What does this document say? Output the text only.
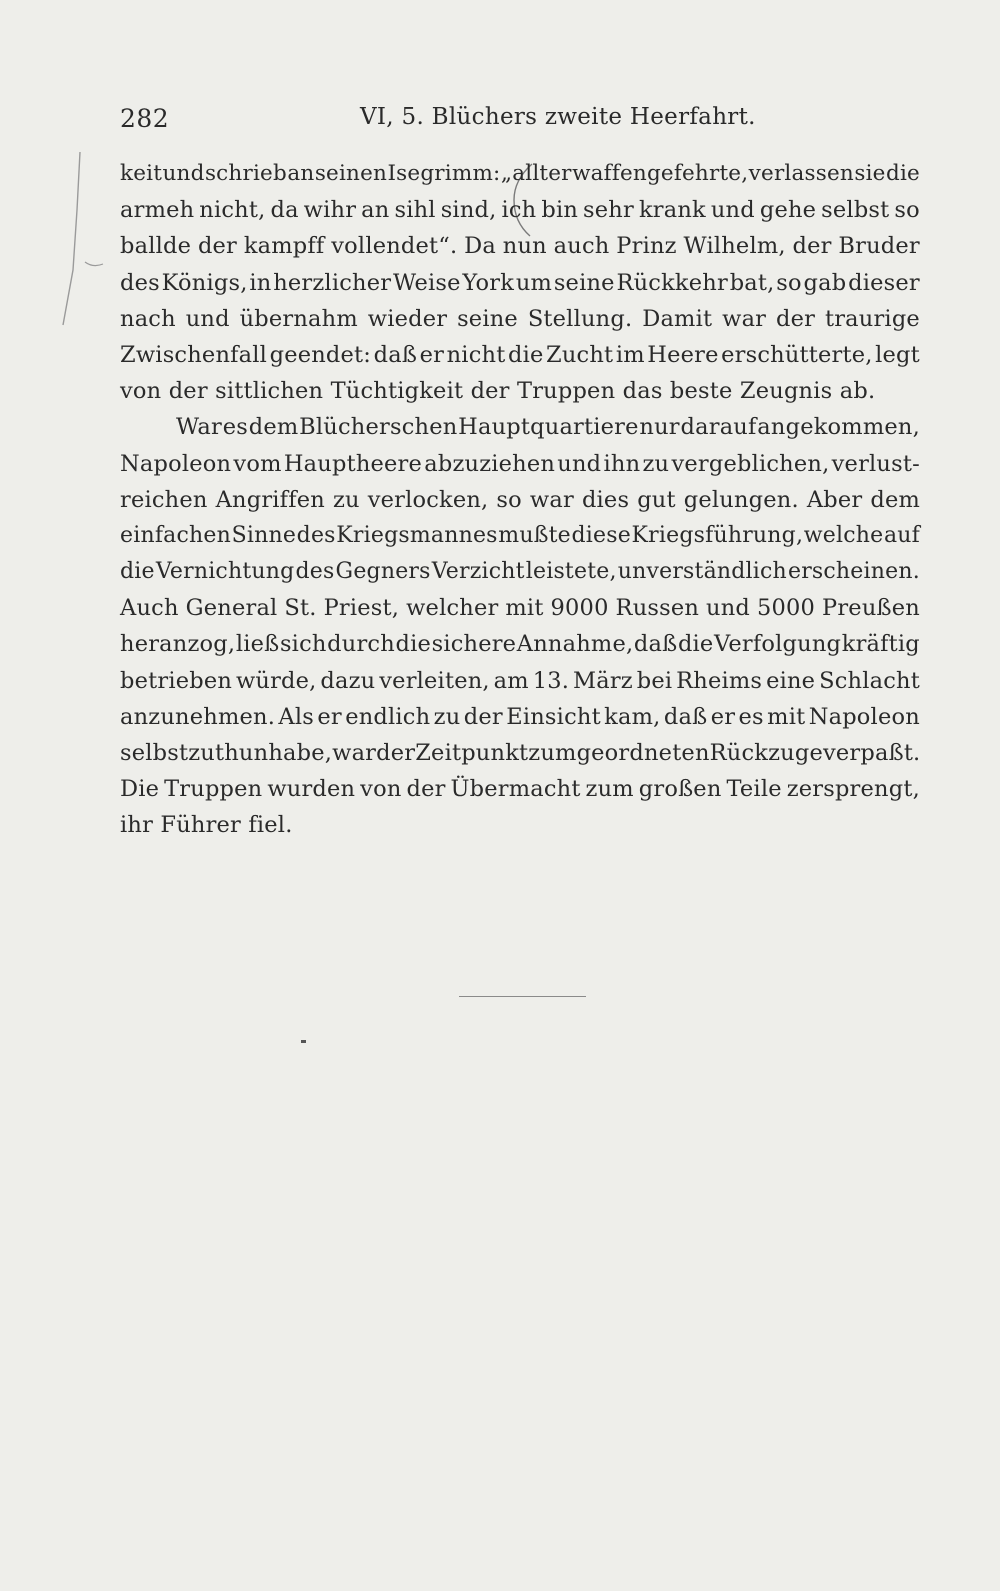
282	VI, 5. Blüchers zweite Heerfahrt.
keit und schrieb an seinen Isegrimm: „allter waffengefehrte, verlassen sie die
armeh nicht, da wihr an sihl sind, ich bin sehr krank und gehe selbst so
ballde der kampff vollendet“. Da nun auch Prinz Wilhelm, der Bruder
des Königs, in herzlicher Weise York um seine Rückkehr bat, so gab dieser
nach und übernahm wieder seine Stellung. Damit war der traurige
Zwischenfall geendet: daß er nicht die Zucht im Heere erschütterte, legt
von der sittlichen Tüchtigkeit der Truppen das beste Zeugnis ab.
War es dem Blücherschen Hauptquartiere nur darauf angekommen,
Napoleon vom Hauptheere abzuziehen und ihn zu vergeblichen, verlust-
reichen Angriffen zu verlocken, so war dies gut gelungen. Aber dem
einfachen Sinne des Kriegsmannes mußte diese Kriegsführung, welche auf
die Vernichtung des Gegners Verzicht leistete, unverständlich erscheinen.
Auch General St. Priest, welcher mit 9000 Russen und 5000 Preußen
heranzog, ließ sich durch die sichere Annahme, daß die Verfolgung kräftig
betrieben würde, dazu verleiten, am 13. März bei Rheims eine Schlacht
anzunehmen. Als er endlich zu der Einsicht kam, daß er es mit Napoleon
selbst zu thun habe, war der Zeitpunkt zum geordneten Rückzuge verpaßt.
Die Truppen wurden von der Übermacht zum großen Teile zersprengt,
ihr Führer fiel.
